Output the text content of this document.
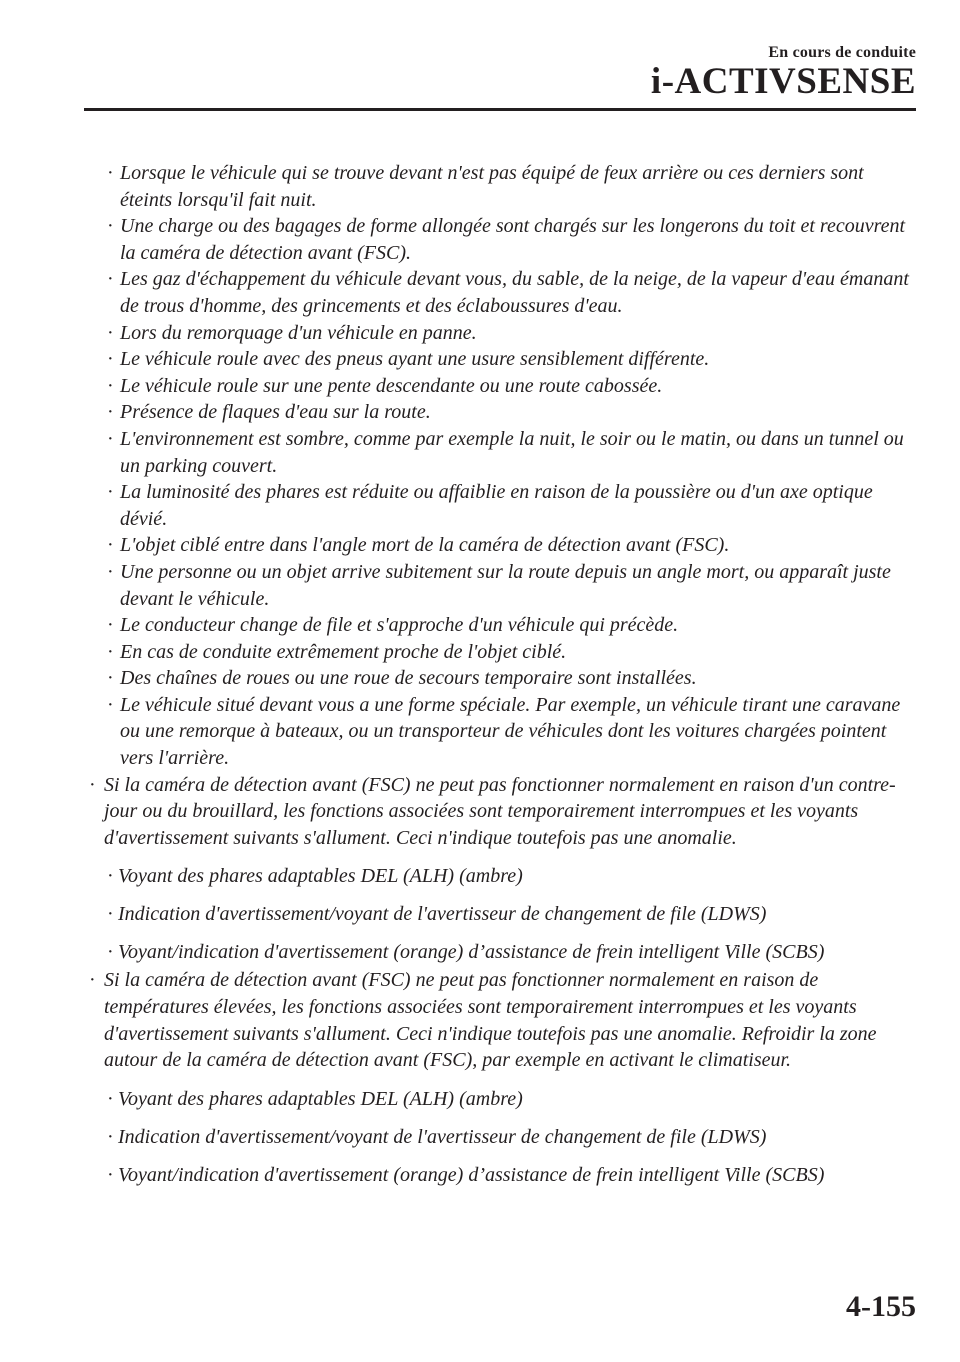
En cours de conduite
i-ACTIVSENSE
· Lorsque le véhicule qui se trouve devant n'est pas équipé de feux arrière ou ces derniers sont éteints lorsqu'il fait nuit.
· Une charge ou des bagages de forme allongée sont chargés sur les longerons du toit et recouvrent la caméra de détection avant (FSC).
· Les gaz d'échappement du véhicule devant vous, du sable, de la neige, de la vapeur d'eau émanant de trous d'homme, des grincements et des éclaboussures d'eau.
· Lors du remorquage d'un véhicule en panne.
· Le véhicule roule avec des pneus ayant une usure sensiblement différente.
· Le véhicule roule sur une pente descendante ou une route cabossée.
· Présence de flaques d'eau sur la route.
· L'environnement est sombre, comme par exemple la nuit, le soir ou le matin, ou dans un tunnel ou un parking couvert.
· La luminosité des phares est réduite ou affaiblie en raison de la poussière ou d'un axe optique dévié.
· L'objet ciblé entre dans l'angle mort de la caméra de détection avant (FSC).
· Une personne ou un objet arrive subitement sur la route depuis un angle mort, ou apparaît juste devant le véhicule.
· Le conducteur change de file et s'approche d'un véhicule qui précède.
· En cas de conduite extrêmement proche de l'objet ciblé.
· Des chaînes de roues ou une roue de secours temporaire sont installées.
· Le véhicule situé devant vous a une forme spéciale. Par exemple, un véhicule tirant une caravane ou une remorque à bateaux, ou un transporteur de véhicules dont les voitures chargées pointent vers l'arrière.
· Si la caméra de détection avant (FSC) ne peut pas fonctionner normalement en raison d'un contre-jour ou du brouillard, les fonctions associées sont temporairement interrompues et les voyants d'avertissement suivants s'allument. Ceci n'indique toutefois pas une anomalie.
· Voyant des phares adaptables DEL (ALH) (ambre)
· Indication d'avertissement/voyant de l'avertisseur de changement de file (LDWS)
· Voyant/indication d'avertissement (orange) d’assistance de frein intelligent Ville (SCBS)
· Si la caméra de détection avant (FSC) ne peut pas fonctionner normalement en raison de températures élevées, les fonctions associées sont temporairement interrompues et les voyants d'avertissement suivants s'allument. Ceci n'indique toutefois pas une anomalie. Refroidir la zone autour de la caméra de détection avant (FSC), par exemple en activant le climatiseur.
· Voyant des phares adaptables DEL (ALH) (ambre)
· Indication d'avertissement/voyant de l'avertisseur de changement de file (LDWS)
· Voyant/indication d'avertissement (orange) d’assistance de frein intelligent Ville (SCBS)
4-155
